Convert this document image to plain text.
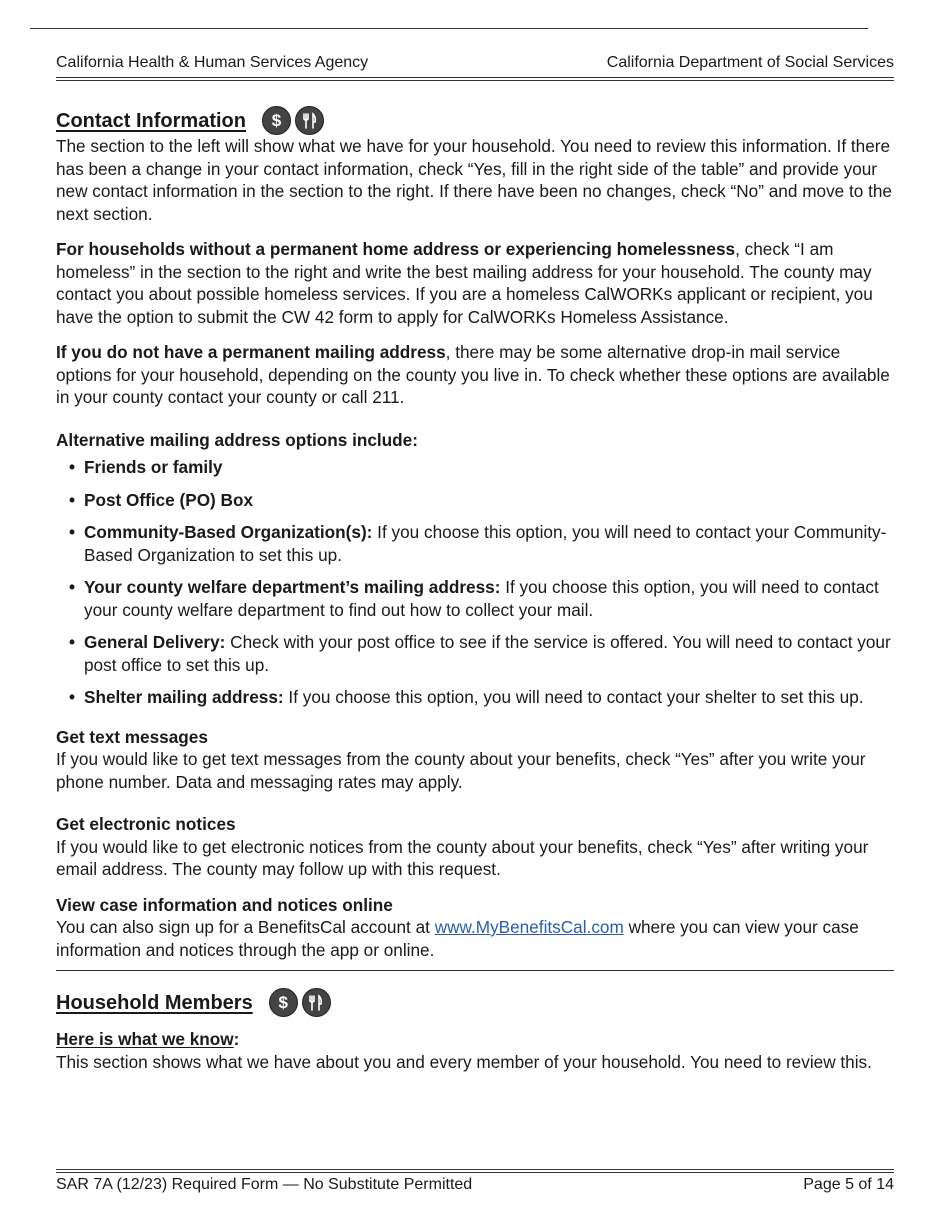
California Health & Human Services Agency	California Department of Social Services
Contact Information	$

The section to the left will show what we have for your household. You need to review this information. If there has been a change in your contact information, check “Yes, fill in the right side of the table” and provide your new contact information in the section to the right. If there have been no changes, check “No” and move to the next section.

For households without a permanent home address or experiencing homelessness, check “I am homeless” in the section to the right and write the best mailing address for your household. The county may contact you about possible homeless services. If you are a homeless CalWORKs applicant or recipient, you have the option to submit the CW 42 form to apply for CalWORKs Homeless Assistance.

If you do not have a permanent mailing address, there may be some alternative drop-in mail service options for your household, depending on the county you live in. To check whether these options are available in your county contact your county or call 211.

Alternative mailing address options include:

• Friends or family
• Post Office (PO) Box
• Community-Based Organization(s): If you choose this option, you will need to contact your Community-Based Organization to set this up.
• Your county welfare department’s mailing address: If you choose this option, you will need to contact your county welfare department to find out how to collect your mail.
• General Delivery: Check with your post office to see if the service is offered. You will need to contact your post office to set this up.
• Shelter mailing address: If you choose this option, you will need to contact your shelter to set this up.

Get text messages

If you would like to get text messages from the county about your benefits, check “Yes” after you write your phone number. Data and messaging rates may apply.

Get electronic notices

If you would like to get electronic notices from the county about your benefits, check “Yes” after writing your email address. The county may follow up with this request.

View case information and notices online

You can also sign up for a BenefitsCal account at www.MyBenefitsCal.com where you can view your case information and notices through the app or online.

Household Members	$

Here is what we know:

This section shows what we have about you and every member of your household. You need to review this.

SAR 7A (12/23) Required Form — No Substitute Permitted	Page 5 of 14
